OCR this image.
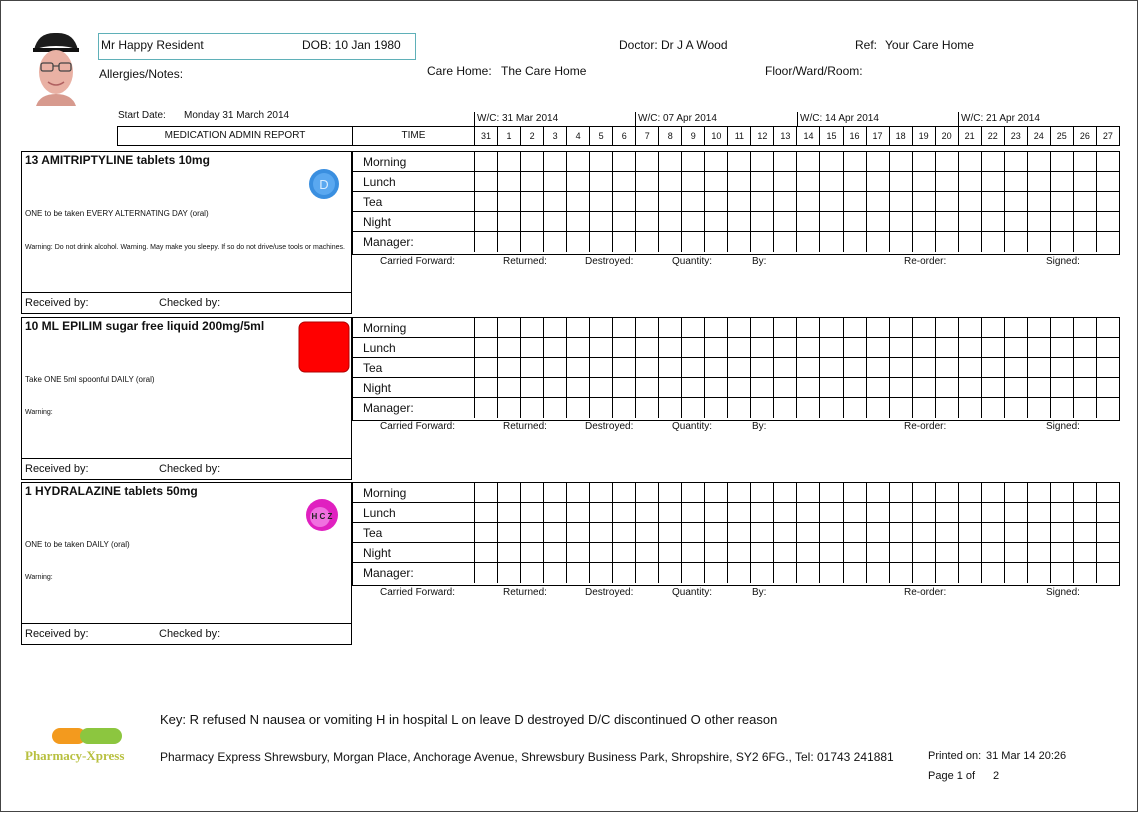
Mr Happy Resident	DOB: 10 Jan 1980	Doctor: Dr J A Wood	Ref: Your Care Home
Allergies/Notes:	Care Home: The Care Home	Floor/Ward/Room:
Start Date: Monday 31 March 2014
MEDICATION ADMIN REPORT	TIME
W/C: 31 Mar 2014	W/C: 07 Apr 2014	W/C: 14 Apr 2014	W/C: 21 Apr 2014
31	1	2	3	4	5	6	7	8	9	10	11	12	13	14	15	16	17	18	19	20	21	22	23	24	25	26	27
13 AMITRIPTYLINE tablets 10mg
D
ONE to be taken EVERY ALTERNATING DAY (oral)
Warning: Do not drink alcohol. Warning. May make you sleepy. If so do not drive/use tools or machines.
Received by:	Checked by:
Morning
Lunch
Tea
Night
Manager:
Carried Forward:	Returned:	Destroyed:	Quantity:	By:	Re-order:	Signed:
10 ML EPILIM sugar free liquid 200mg/5ml
Take ONE 5ml spoonful DAILY (oral)
Warning:
Received by:	Checked by:
Morning
Lunch
Tea
Night
Manager:
Carried Forward:	Returned:	Destroyed:	Quantity:	By:	Re-order:	Signed:
1 HYDRALAZINE tablets 50mg
H C Z
ONE to be taken DAILY (oral)
Warning:
Received by:	Checked by:
Morning
Lunch
Tea
Night
Manager:
Carried Forward:	Returned:	Destroyed:	Quantity:	By:	Re-order:	Signed:
Key: R refused N nausea or vomiting H in hospital L on leave D destroyed D/C discontinued O other reason
Pharmacy-Xpress	Pharmacy Express Shrewsbury, Morgan Place, Anchorage Avenue, Shrewsbury Business Park, Shropshire, SY2 6FG., Tel: 01743 241881	Printed on: 31 Mar 14 20:26
Page 1 of 2
